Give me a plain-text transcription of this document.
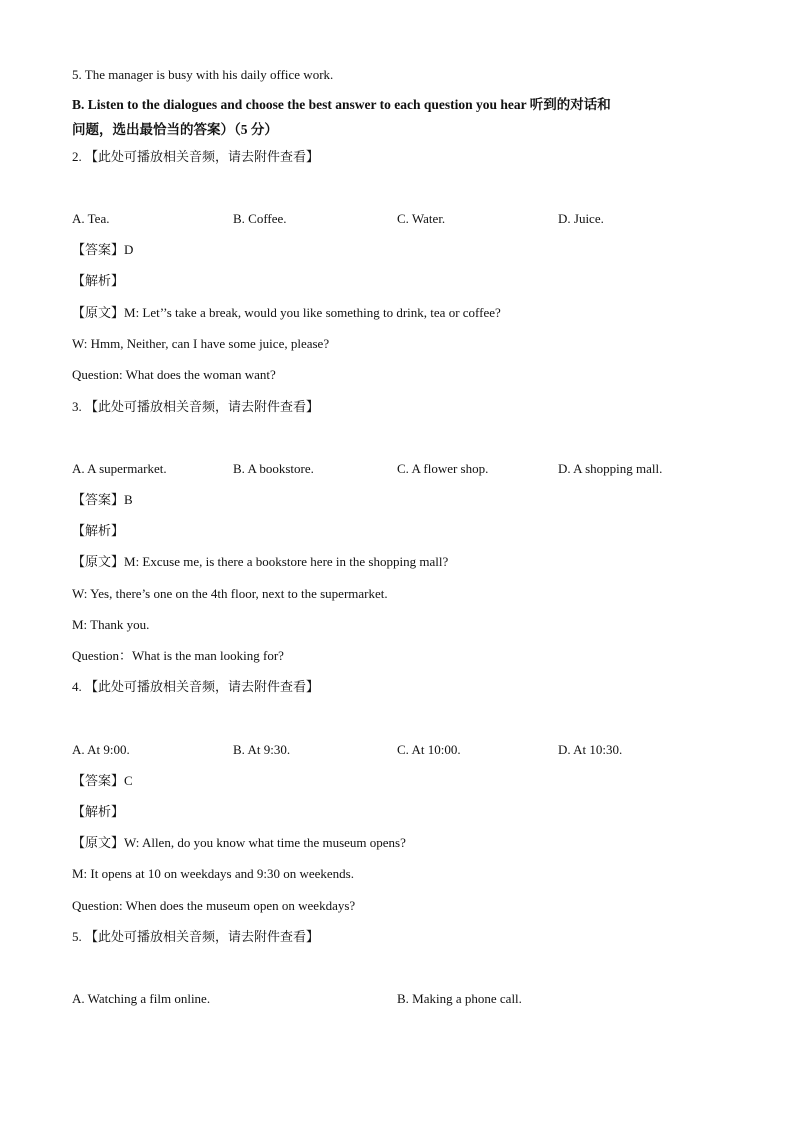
5. The manager is busy with his daily office work.
B. Listen to the dialogues and choose the best answer to each question you hear 听到的对话和
问题，选出最恰当的答案）（5 分）
2. 【此处可播放相关音频，请去附件查看】
A. Tea.	B. Coffee.	C. Water.	D. Juice.
【答案】D
【解析】
【原文】M: Let’’s take a break, would you like something to drink, tea or coffee?
W: Hmm, Neither, can I have some juice, please?
Question: What does the woman want?
3. 【此处可播放相关音频，请去附件查看】
A. A supermarket.	B. A bookstore.	C. A flower shop.	D. A shopping mall.
【答案】B
【解析】
【原文】M: Excuse me, is there a bookstore here in the shopping mall?
W: Yes, there’s one on the 4th floor, next to the supermarket.
M: Thank you.
Question：What is the man looking for?
4. 【此处可播放相关音频，请去附件查看】
A. At 9:00.	B. At 9:30.	C. At 10:00.	D. At 10:30.
【答案】C
【解析】
【原文】W: Allen, do you know what time the museum opens?
M: It opens at 10 on weekdays and 9:30 on weekends.
Question: When does the museum open on weekdays?
5. 【此处可播放相关音频，请去附件查看】
A. Watching a film online.	B. Making a phone call.
